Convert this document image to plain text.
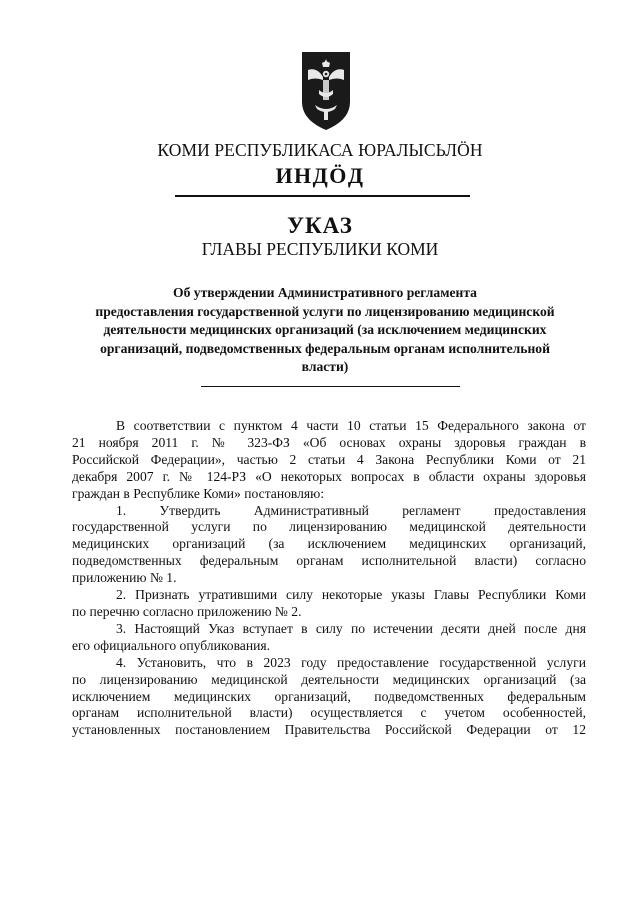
КОМИ РЕСПУБЛИКАСА ЮРАЛЫСЬЛÖН
ИНДÖД
УКАЗ
ГЛАВЫ РЕСПУБЛИКИ КОМИ
Об утверждении Административного регламента
предоставления государственной услуги по лицензированию медицинской
деятельности медицинских организаций (за исключением медицинских
организаций, подведомственных федеральным органам исполнительной
власти)
В соответствии с пунктом 4 части 10 статьи 15 Федерального закона от
21 ноября 2011 г. № 323-ФЗ «Об основах охраны здоровья граждан в
Российской Федерации», частью 2 статьи 4 Закона Республики Коми от 21
декабря 2007 г. № 124-РЗ «О некоторых вопросах в области охраны здоровья
граждан в Республике Коми» постановляю:
1. Утвердить Административный регламент предоставления
государственной услуги по лицензированию медицинской деятельности
медицинских организаций (за исключением медицинских организаций,
подведомственных федеральным органам исполнительной власти) согласно
приложению № 1.
2. Признать утратившими силу некоторые указы Главы Республики Коми
по перечню согласно приложению № 2.
3. Настоящий Указ вступает в силу по истечении десяти дней после дня
его официального опубликования.
4. Установить, что в 2023 году предоставление государственной услуги
по лицензированию медицинской деятельности медицинских организаций (за
исключением медицинских организаций, подведомственных федеральным
органам исполнительной власти) осуществляется с учетом особенностей,
установленных постановлением Правительства Российской Федерации от 12
